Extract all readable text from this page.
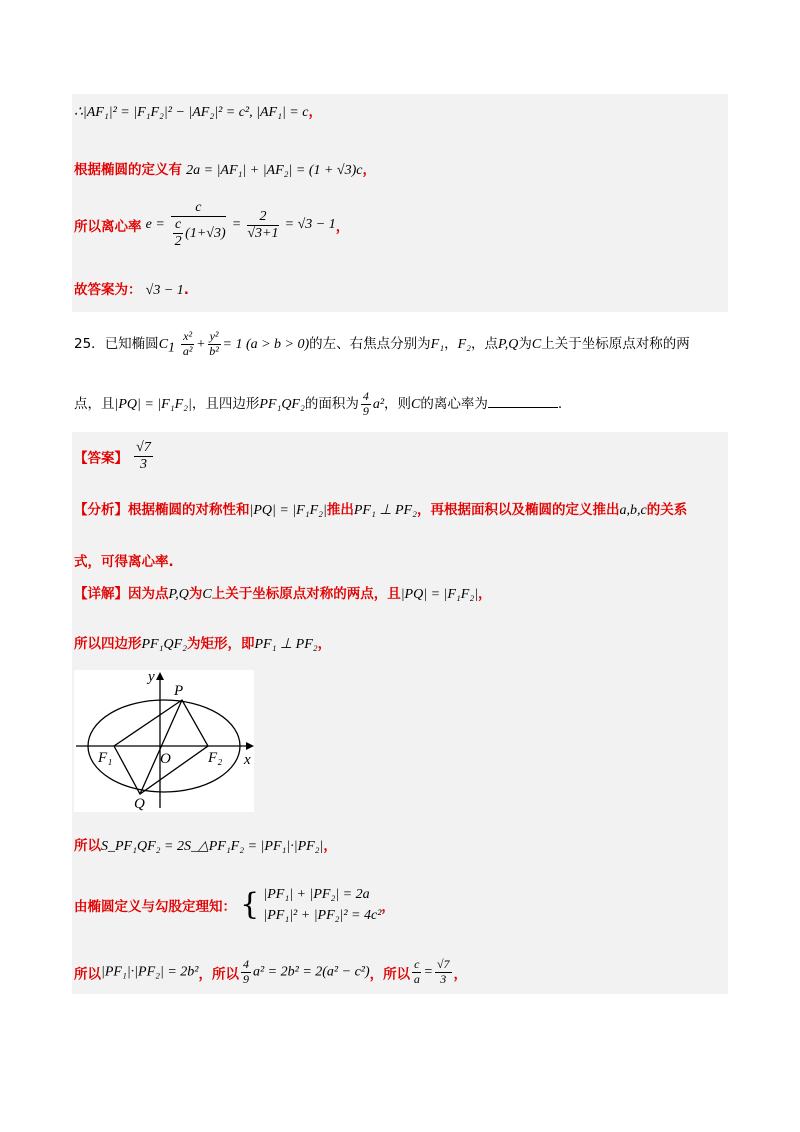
∴|AF₁|² = |F₁F₂|² − |AF₂|² = c², |AF₁| = c，
根据椭圆的定义有 2a = |AF₁| + |AF₂| = (1 + √3)c，
所以离心率 $e = \frac{c}{\frac{c}{2} (1+√3)} = \frac{2}{√3+1} = √3 - 1$，
故答案为： √3 − 1.
25．已知椭圆$C_1 \frac{\text{x²}}{\text{a²}} + \frac{\text{y²}}{\text{b²}} = 1$ (a > b > 0)的左、右焦点分别为F₁，F₂，点P,Q为C上关于坐标原点对称的两
点，且|PQ| = |F₁F₂|，且四边形PF₁QF₂的面积为 $\frac{4}{9} a^2$，则C的离心率为	.
【答案】 $\frac{√7}{3}$
【分析】根据椭圆的对称性和|PQ| = |F₁F₂|推出PF₁ ⊥ PF₂，再根据面积以及椭圆的定义推出a,b,c的关系
式，可得离心率.
【详解】因为点P,Q为C上关于坐标原点对称的两点，且|PQ| = |F₁F₂|，
所以四边形PF₁QF₂为矩形，即PF₁ ⊥ PF₂，
y
x
P
Q
O
F₁	F₂
所以S_PF₁QF₂ = 2S_△PF₁F₂ = |PF₁|·|PF₂|，
由椭圆定义与勾股定理知： { |PF₁| + |PF₂| = 2a
|PF₁|² + |PF₂|² = 4c²
，
所以|PF₁|·|PF₂| = 2b²，所以 $\frac{4}{9} a^2 = 2b^2 = 2(a^2 - c^2)$，所以 $\frac{c}{a} = \frac{√7}{3}$ ，
